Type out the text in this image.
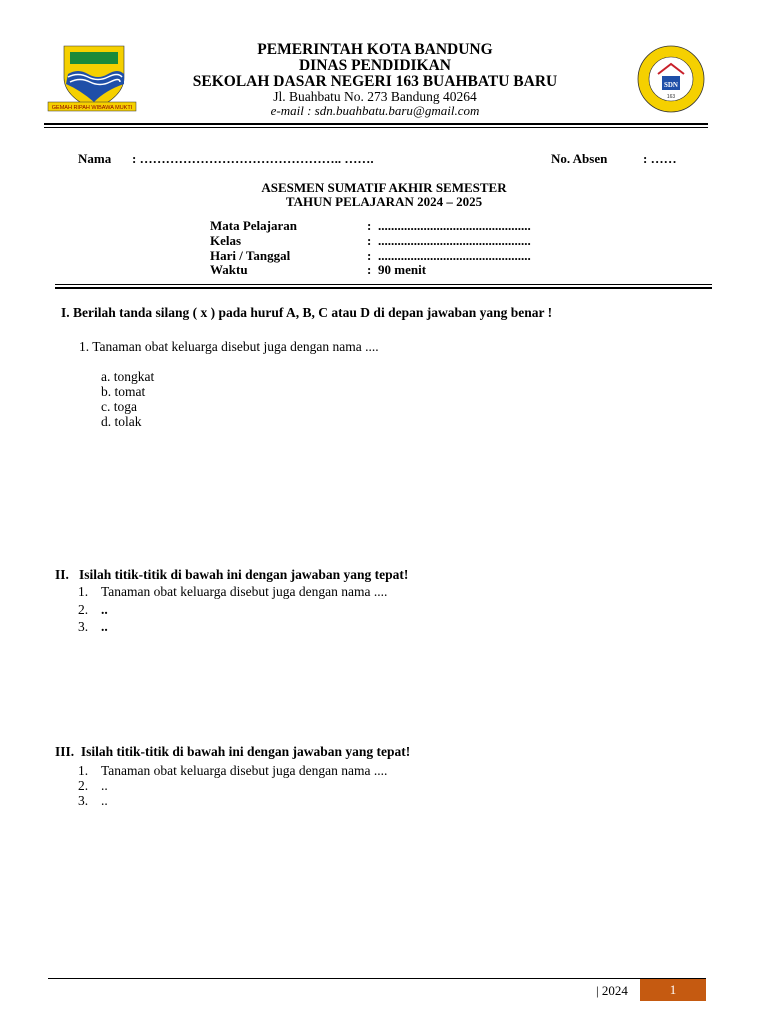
GEMAH RIPAH WIBAWA MUKTI
SDN
163
PEMERINTAH KOTA BANDUNG
DINAS PENDIDIKAN
SEKOLAH DASAR NEGERI 163 BUAHBATU BARU
Jl. Buahbatu No. 273 Bandung 40264
e-mail : sdn.buahbatu.baru@gmail.com
Nama : ……………………………………….. …….	No. Absen	: ……
ASESMEN SUMATIF AKHIR SEMESTER
TAHUN PELAJARAN 2024 – 2025
Mata Pelajaran	: ...............................................
Kelas	: ...............................................
Hari / Tanggal	: ...............................................
Waktu	: 90 menit
I. Berilah tanda silang ( x ) pada huruf A, B, C atau D di depan jawaban yang benar !
1. Tanaman obat keluarga disebut juga dengan nama ....
a. tongkat
b. tomat
c. toga
d. tolak
II.   Isilah titik-titik di bawah ini dengan jawaban yang tepat!
1. Tanaman obat keluarga disebut juga dengan nama ....
2. ..
3. ..
III.  Isilah titik-titik di bawah ini dengan jawaban yang tepat!
1. Tanaman obat keluarga disebut juga dengan nama ....
2. ..
3. ..
| 2024	1
